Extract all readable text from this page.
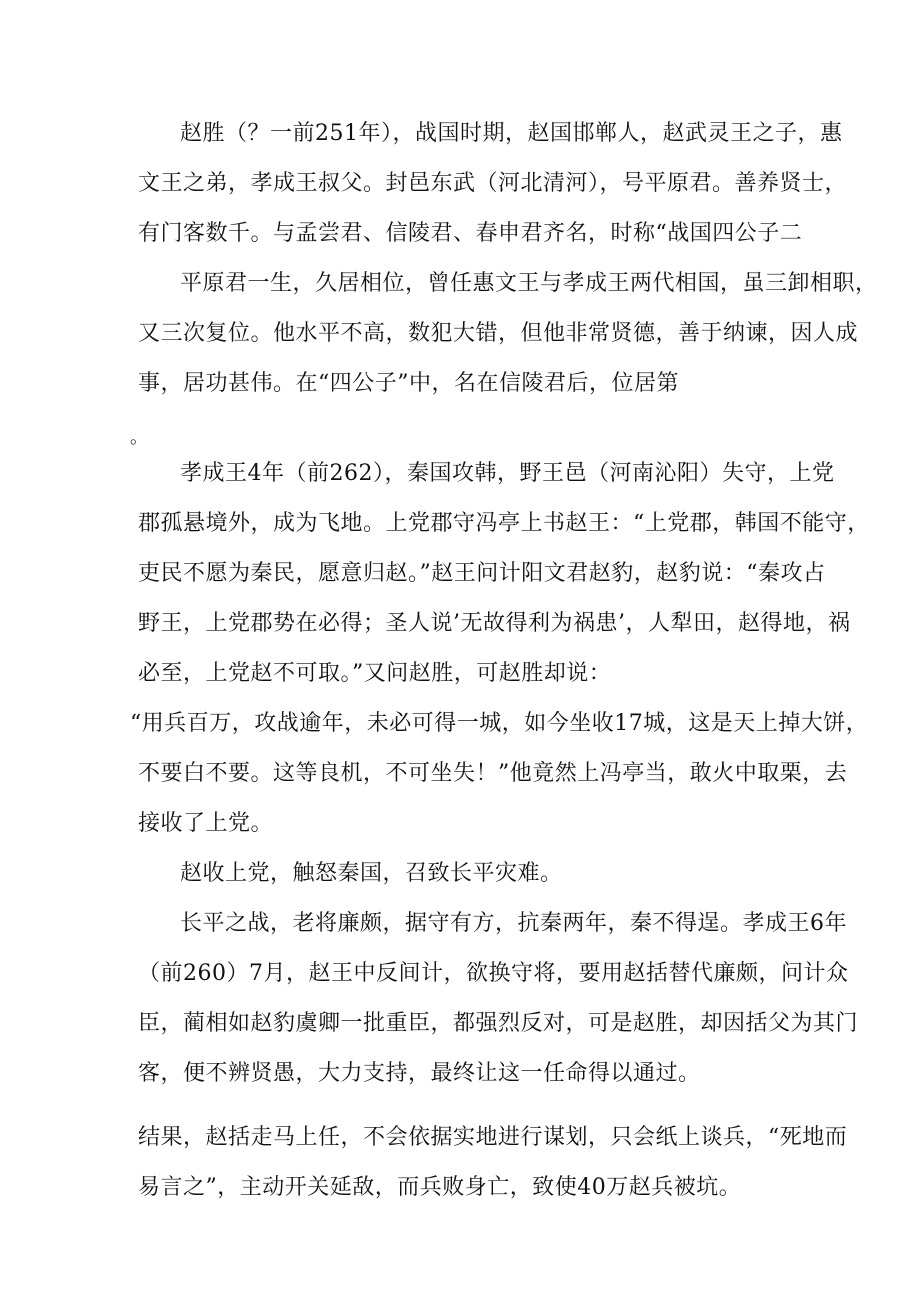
赵胜（？一前251年），战国时期，赵国邯郸人，赵武灵王之子，惠
文王之弟，孝成王叔父。封邑东武（河北清河），号平原君。善养贤士，
有门客数千。与孟尝君、信陵君、春申君齐名，时称“战国四公子二
平原君一生，久居相位，曾任惠文王与孝成王两代相国，虽三卸相职，
又三次复位。他水平不高，数犯大错，但他非常贤德，善于纳谏，因人成
事，居功甚伟。在“四公子”中，名在信陵君后，位居第
。
孝成王4年（前262），秦国攻韩，野王邑（河南沁阳）失守，上党
郡孤悬境外，成为飞地。上党郡守冯亭上书赵王：“上党郡，韩国不能守，
吏民不愿为秦民，愿意归赵。”赵王问计阳文君赵豹，赵豹说：“秦攻占
野王，上党郡势在必得；圣人说’无故得利为祸患’，人犁田，赵得地，祸
必至，上党赵不可取。”又问赵胜，可赵胜却说：
“用兵百万，攻战逾年，未必可得一城，如今坐收17城，这是天上掉大饼，
不要白不要。这等良机，不可坐失！”他竟然上冯亭当，敢火中取栗，去
接收了上党。
赵收上党，触怒秦国，召致长平灾难。
长平之战，老将廉颇，据守有方，抗秦两年，秦不得逞。孝成王6年
（前260）7月，赵王中反间计，欲换守将，要用赵括替代廉颇，问计众
臣，蔺相如赵豹虞卿一批重臣，都强烈反对，可是赵胜，却因括父为其门
客，便不辨贤愚，大力支持，最终让这一任命得以通过。
结果，赵括走马上任，不会依据实地进行谋划，只会纸上谈兵，“死地而
易言之”，主动开关延敌，而兵败身亡，致使40万赵兵被坑。
